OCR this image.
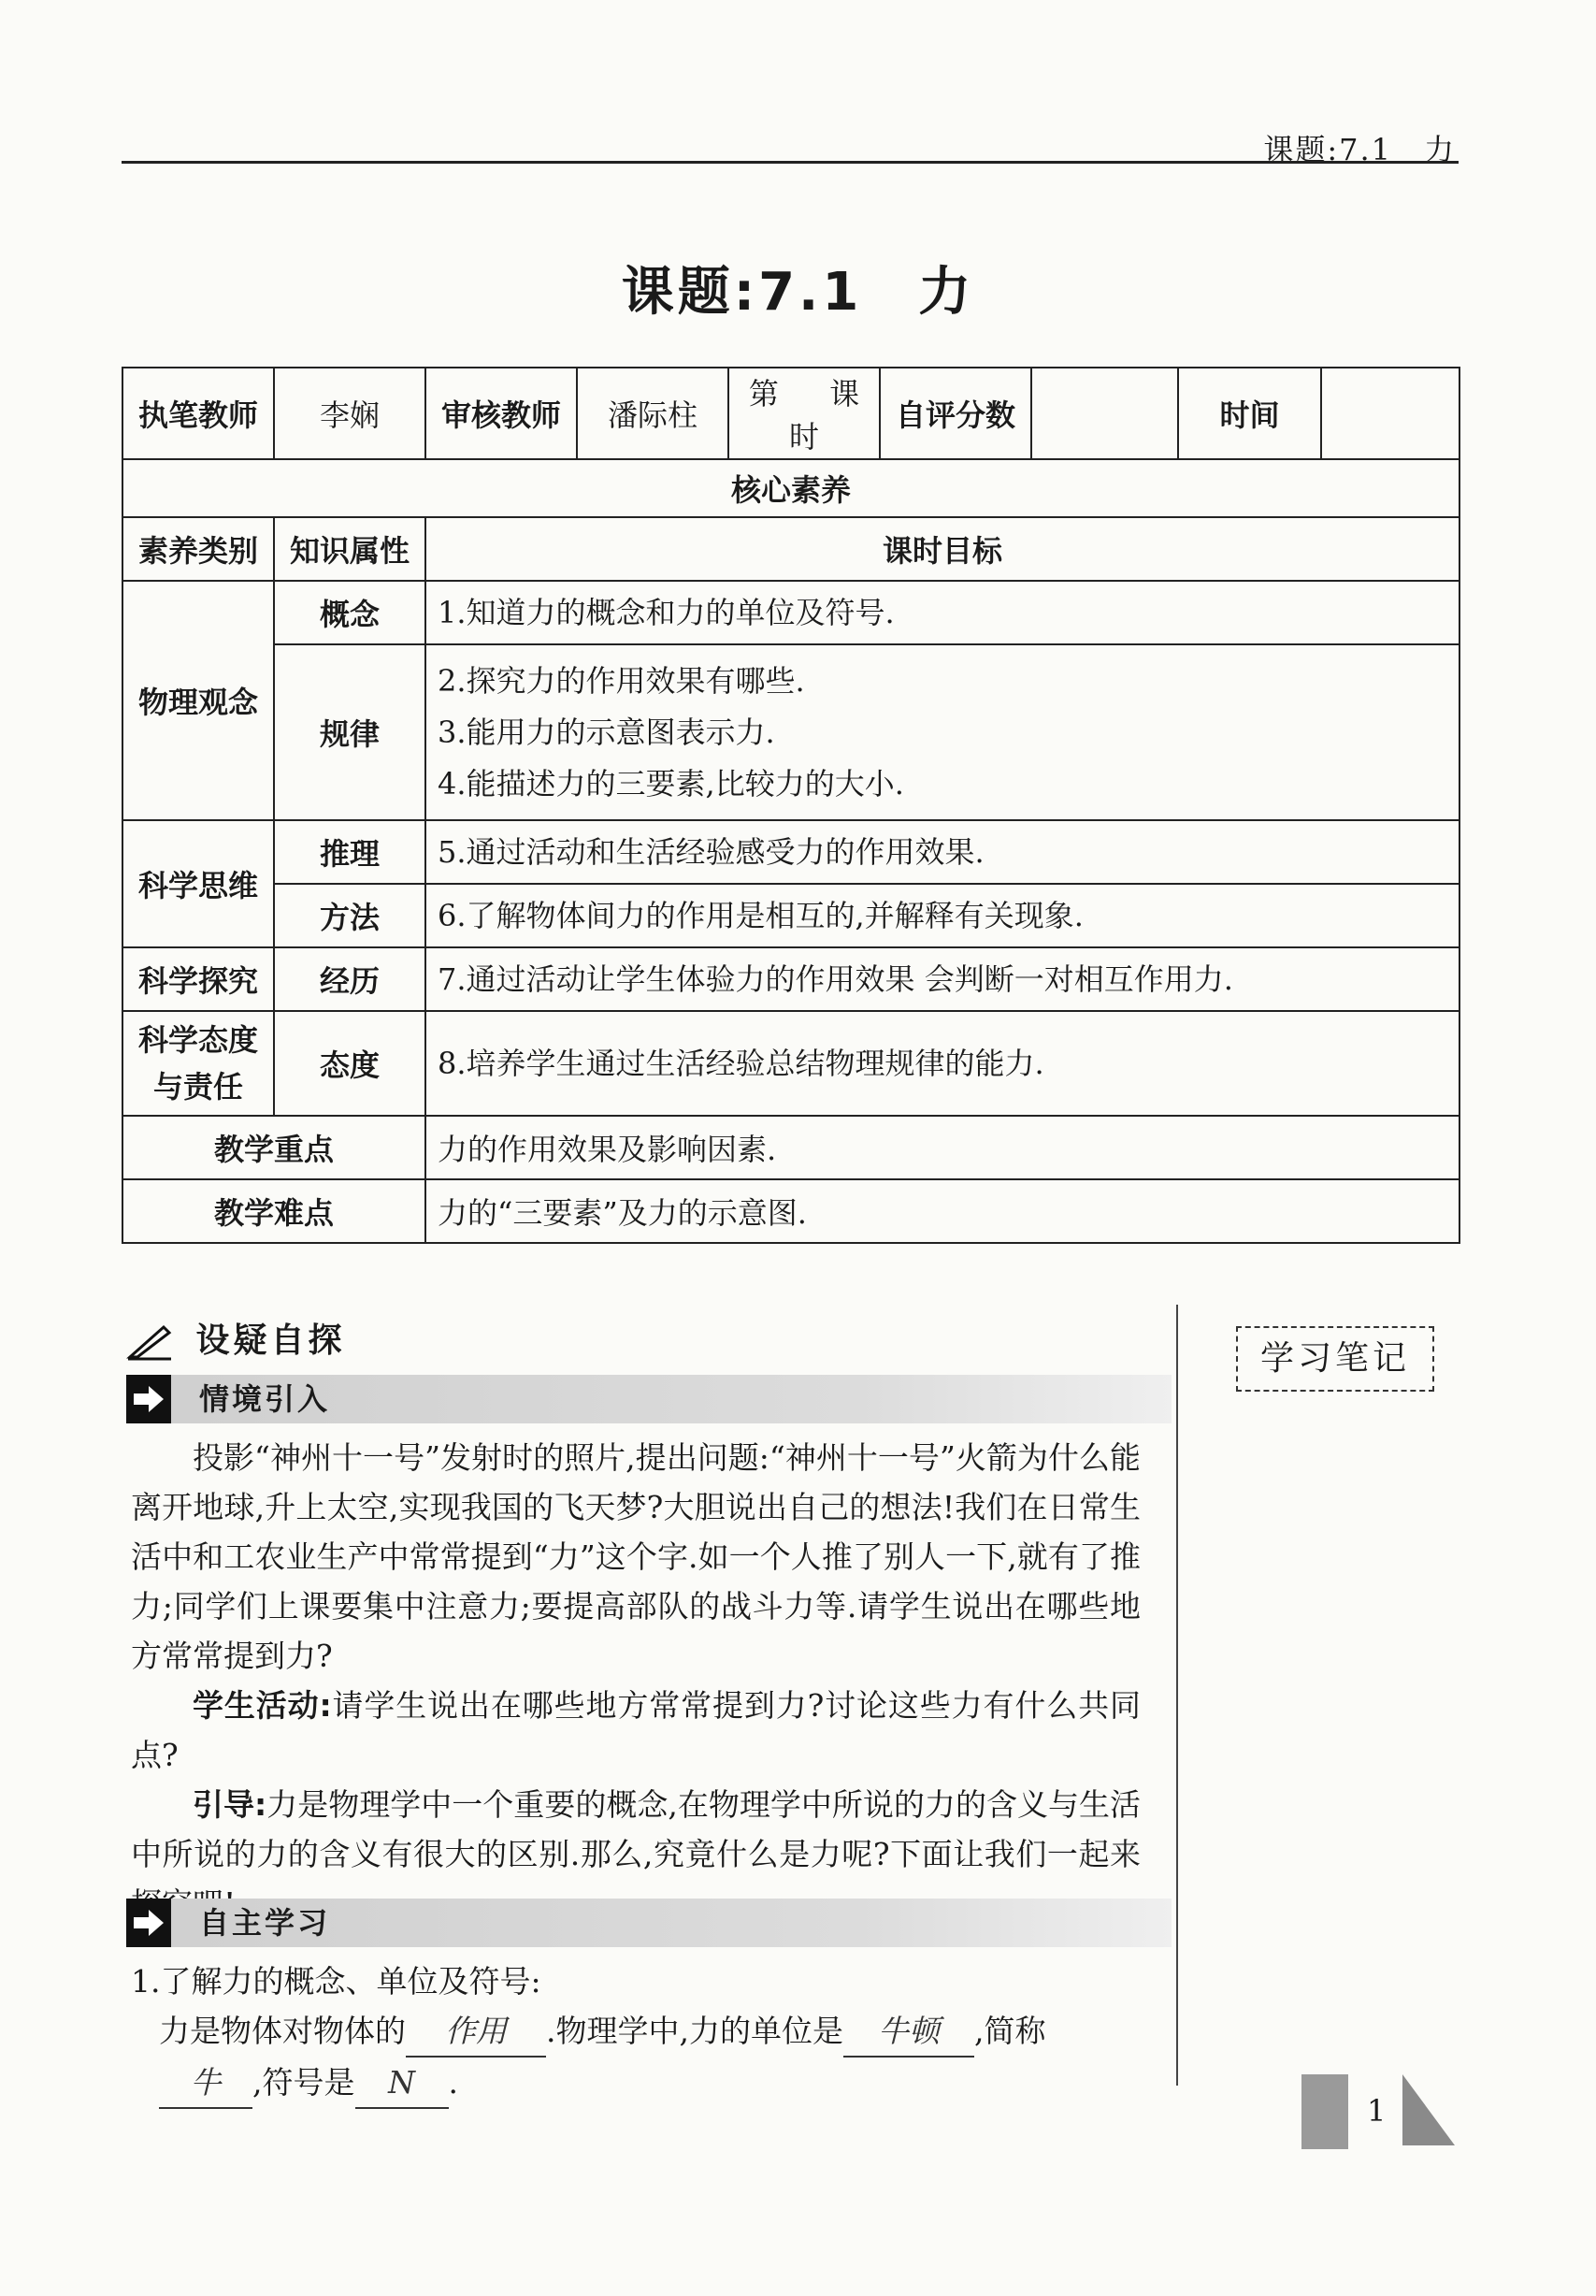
课题:7.1　力
课题:7.1　力
执笔教师	李娴	审核教师	潘际柱	第 课时	自评分数		时间	
核心素养								
素养类别	知识属性	课时目标						
物理观念	概念	1.知道力的概念和力的单位及符号.						
	规律	2.探究力的作用效果有哪些.
3.能用力的示意图表示力.
4.能描述力的三要素,比较力的大小.						

科学思维	推理	5.通过活动和生活经验感受力的作用效果.						
	方法	6.了解物体间力的作用是相互的,并解释有关现象.						
科学探究	经历	7.通过活动让学生体验力的作用效果 会判断一对相互作用力.						

科学态度
与责任	态度	8.培养学生通过生活经验总结物理规律的能力.						
教学重点		力的作用效果及影响因素.						
教学难点		力的“三要素”及力的示意图.						
设疑自探	学习笔记
情境引入

投影“神州十一号”发射时的照片,提出问题:“神州十一号”火箭为什么能离开地球,升上太空,实现我国的飞天梦?大胆说出自己的想法!我们在日常生活中和工农业生产中常常提到“力”这个字.如一个人推了别人一下,就有了推力;同学们上课要集中注意力;要提高部队的战斗力等.请学生说出在哪些地方常常提到力?

学生活动:请学生说出在哪些地方常常提到力?讨论这些力有什么共同点?

引导:力是物理学中一个重要的概念,在物理学中所说的力的含义与生活中所说的力的含义有很大的区别.那么,究竟什么是力呢?下面让我们一起来

自主学习

1.了解力的概念、单位及符号:

力是物体对物体的 作用 .物理学中,力的单位是 牛顿 ,简称
牛 ,符号是 N .

1
